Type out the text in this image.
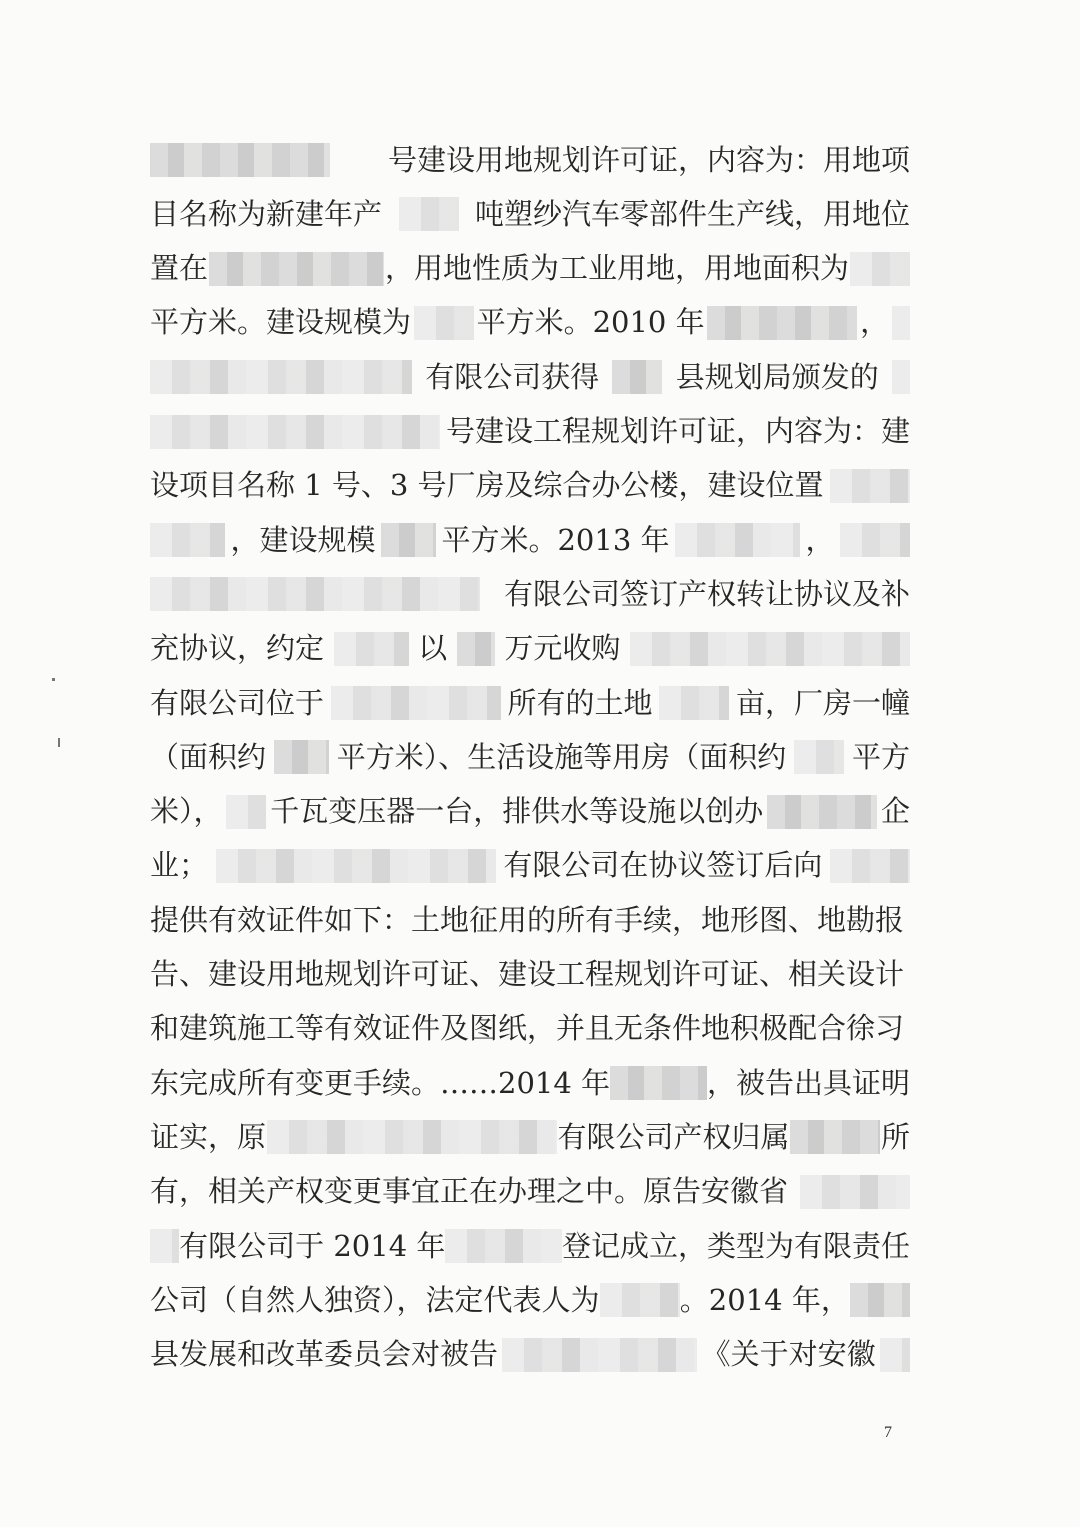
号建设用地规划许可证，内容为：用地项
目名称为新建年产	吨塑纱汽车零部件生产线，用地位
置在	，用地性质为工业用地，用地面积为
平方米。建设规模为 平方米。2010 年	，
有限公司获得	县规划局颁发的
号建设工程规划许可证，内容为：建
设项目名称 1 号、3 号厂房及综合办公楼，建设位置
，建设规模 平方米。2013 年	，
有限公司签订产权转让协议及补
充协议，约定	以 万元收购
有限公司位于	所有的土地	亩，厂房一幢
（面积约 平方米）、生活设施等用房（面积约 平方
米）， 千瓦变压器一台，排供水等设施以创办	企
业；	有限公司在协议签订后向
提供有效证件如下：土地征用的所有手续，地形图、地勘报
告、建设用地规划许可证、建设工程规划许可证、相关设计
和建筑施工等有效证件及图纸，并且无条件地积极配合徐习
东完成所有变更手续。……2014 年	，被告出具证明
证实，原	有限公司产权归属	所
有，相关产权变更事宜正在办理之中。原告安徽省
有限公司于 2014 年	登记成立，类型为有限责任
公司（自然人独资），法定代表人为	。2014 年，
县发展和改革委员会对被告	《关于对安徽
7
